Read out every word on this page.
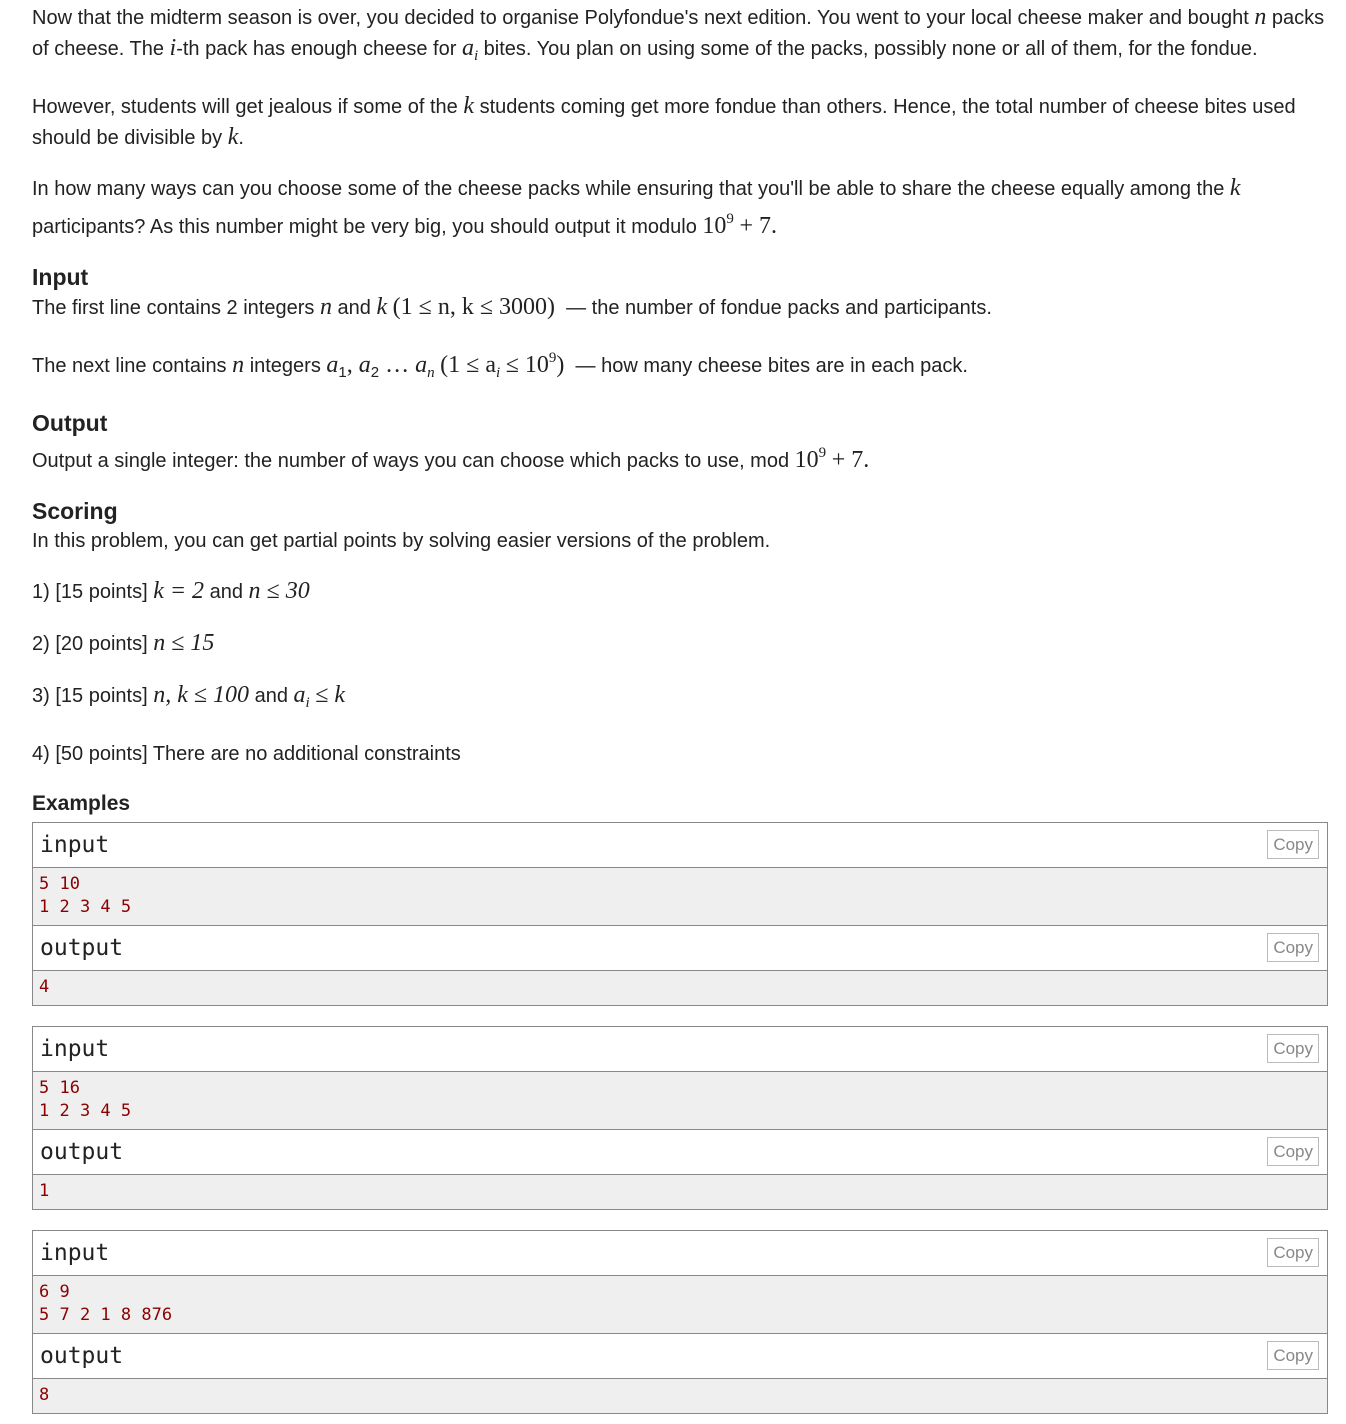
Now that the midterm season is over, you decided to organise Polyfondue's next edition. You went to your local cheese maker and bought n packs of cheese. The i-th pack has enough cheese for $a_i$ bites. You plan on using some of the packs, possibly none or all of them, for the fondue.

However, students will get jealous if some of the k students coming get more fondue than others. Hence, the total number of cheese bites used should be divisible by k.

In how many ways can you choose some of the cheese packs while ensuring that you'll be able to share the cheese equally among the k participants? As this number might be very big, you should output it modulo $10^9 + 7$.

Input

The first line contains 2 integers n and k (1 ≤ n, k ≤ 3000) — the number of fondue packs and participants.

The next line contains n integers $a_1$, $a_2$ … $a_n$ $(1 \le a_i \le 10^9)$ — how many cheese bites are in each pack.

Output

Output a single integer: the number of ways you can choose which packs to use, mod $10^9 + 7$.

Scoring

In this problem, you can get partial points by solving easier versions of the problem.

1) [15 points] k = 2 and n ≤ 30

2) [20 points] n ≤ 15

3) [15 points] n, k ≤ 100 and $a_i \le k$

4) [50 points] There are no additional constraints

Examples
input	Copy
5 10
1 2 3 4 5
output	Copy
4
input	Copy
5 16
1 2 3 4 5
output	Copy
1
input	Copy
6 9
5 7 2 1 8 876
output	Copy
8
